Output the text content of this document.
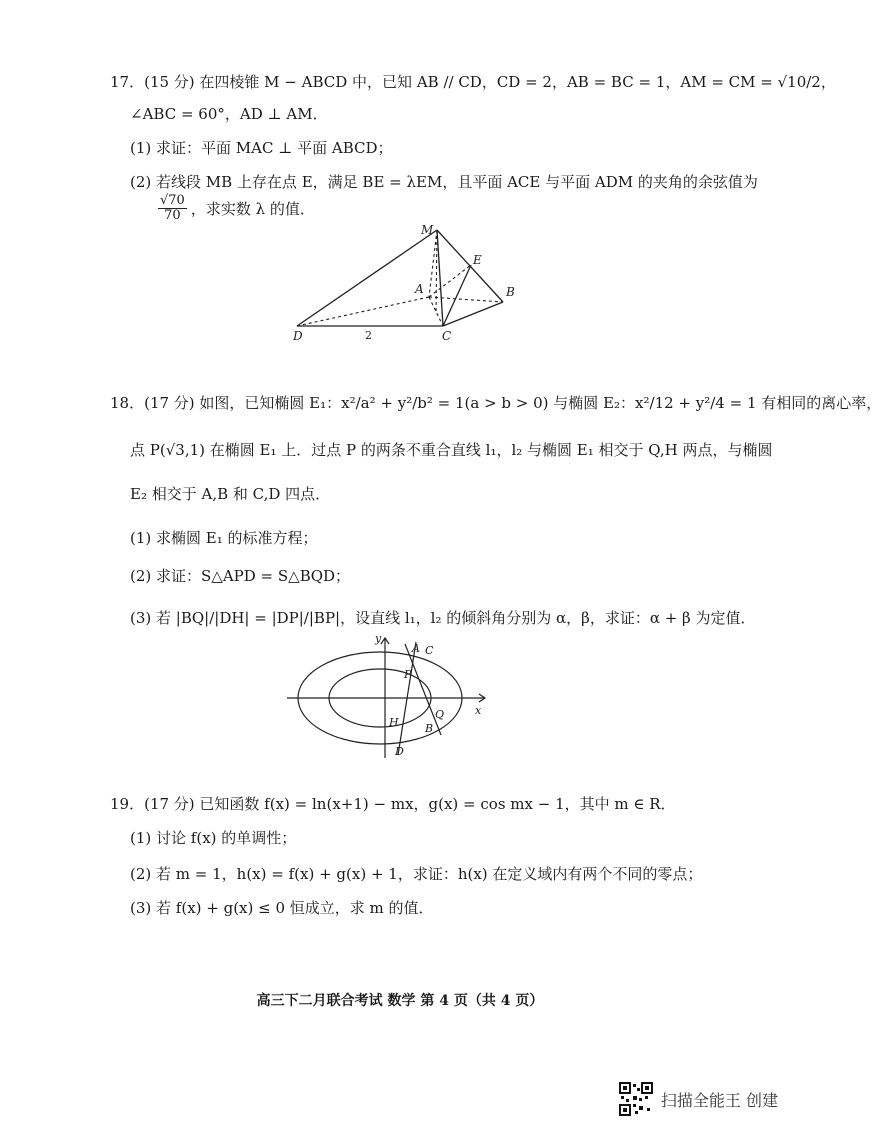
17．(15 分) 在四棱锥 M − ABCD 中，已知 AB // CD，CD = 2，AB = BC = 1，AM = CM = √10/2，
∠ABC = 60°，AD ⊥ AM．
(1) 求证：平面 MAC ⊥ 平面 ABCD；
(2) 若线段 MB 上存在点 E，满足 BE = λEM，且平面 ACE 与平面 ADM 的夹角的余弦值为
$\frac{√70}{70}$ ，求实数 λ 的值．
M
E
A	B
D	C
2
18．(17 分) 如图，已知椭圆 E₁：x²/a² + y²/b² = 1(a > b > 0) 与椭圆 E₂：x²/12 + y²/4 = 1 有相同的离心率，
点 P(√3,1) 在椭圆 E₁ 上．过点 P 的两条不重合直线 l₁，l₂ 与椭圆 E₁ 相交于 Q,H 两点，与椭圆
E₂ 相交于 A,B 和 C,D 四点．
(1) 求椭圆 E₁ 的标准方程；
(2) 求证：S△APD = S△BQD；
(3) 若 |BQ|/|DH| = |DP|/|BP|，设直线 l₁，l₂ 的倾斜角分别为 α，β，求证：α + β 为定值．
y
x
A C
P
H
Q
B
D
19．(17 分) 已知函数 f(x) = ln(x+1) − mx，g(x) = cos mx − 1，其中 m ∈ R．
(1) 讨论 f(x) 的单调性；
(2) 若 m = 1，h(x) = f(x) + g(x) + 1，求证：h(x) 在定义域内有两个不同的零点；
(3) 若 f(x) + g(x) ≤ 0 恒成立，求 m 的值．
高三下二月联合考试 数学 第 4 页（共 4 页）
扫描全能王 创建
